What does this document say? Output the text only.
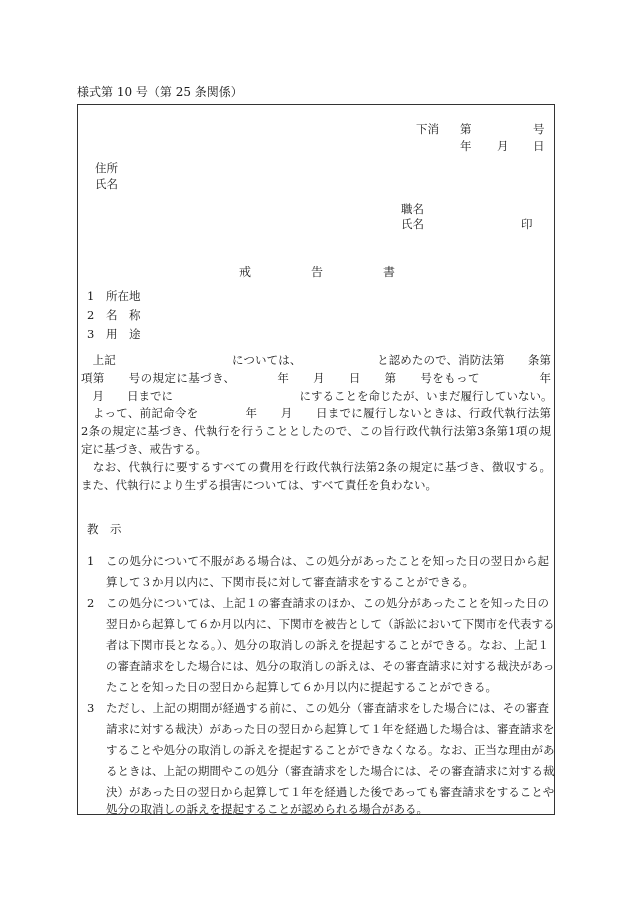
様式第 10 号（第 25 条関係）
下消 第	号
年 月 日
住所
氏名
職名
氏名	印
戒	告	書
1 所在地
2 名　称
3 用　途
　上記　　　　　　　　　　については、　　　　　　　と認めたので、消防法第　　条第
項第　　号の規定に基づき、　　　　年　　月　　日　　第　　号をもって　　　　　年
　月　　日までに　　　　　　　　　　　にすることを命じたが、いまだ履行していない。
　よって、前記命令を　　　　年　　月　　日までに履行しないときは、行政代執行法第
2条の規定に基づき、代執行を行うこととしたので、この旨行政代執行法第3条第1項の規
定に基づき、戒告する。
　なお、代執行に要するすべての費用を行政代執行法第2条の規定に基づき、徴収する。
また、代執行により生ずる損害については、すべて責任を負わない。
教　示
1 この処分について不服がある場合は、この処分があったことを知った日の翌日から起
算して３か月以内に、下関市長に対して審査請求をすることができる。
2 この処分については、上記１の審査請求のほか、この処分があったことを知った日の
翌日から起算して６か月以内に、下関市を被告として（訴訟において下関市を代表する
者は下関市長となる。）、処分の取消しの訴えを提起することができる。なお、上記１
の審査請求をした場合には、処分の取消しの訴えは、その審査請求に対する裁決があっ
たことを知った日の翌日から起算して６か月以内に提起することができる。
3 ただし、上記の期間が経過する前に、この処分（審査請求をした場合には、その審査
請求に対する裁決）があった日の翌日から起算して１年を経過した場合は、審査請求を
することや処分の取消しの訴えを提起することができなくなる。なお、正当な理由があ
るときは、上記の期間やこの処分（審査請求をした場合には、その審査請求に対する裁
決）があった日の翌日から起算して１年を経過した後であっても審査請求をすることや
処分の取消しの訴えを提起することが認められる場合がある。
